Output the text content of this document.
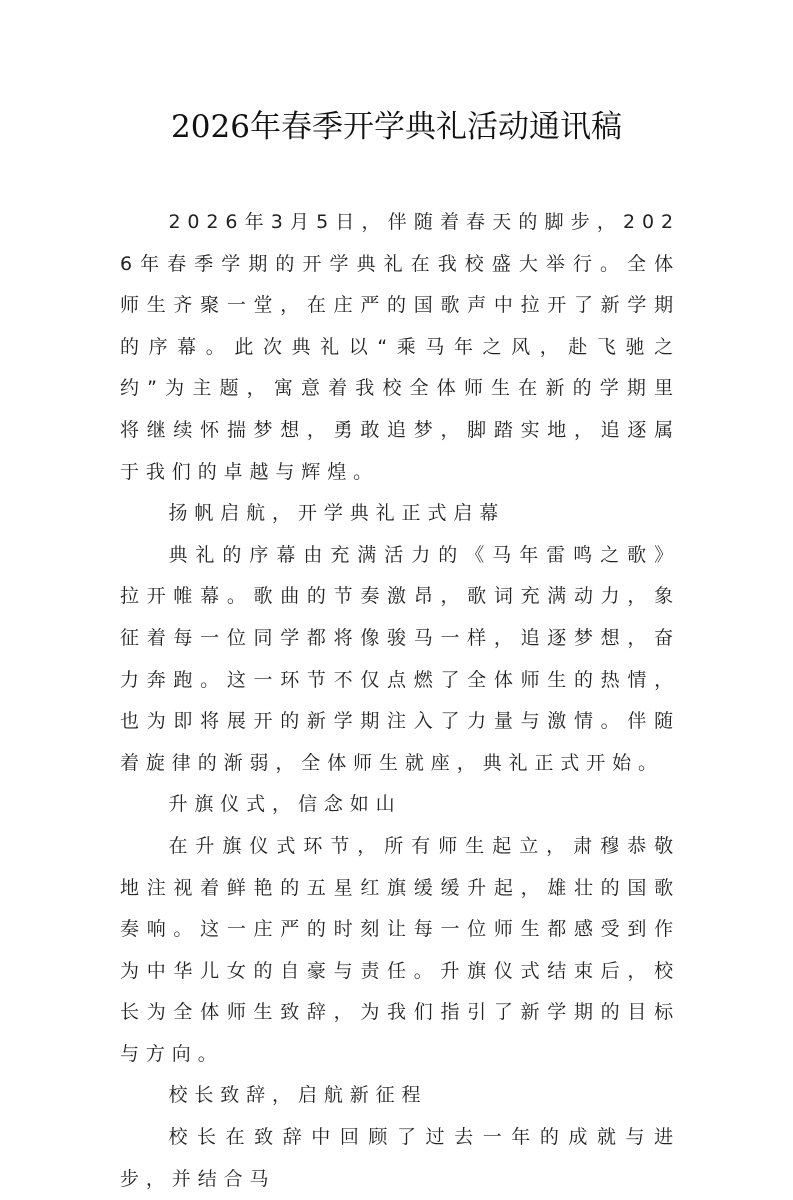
2026年春季开学典礼活动通讯稿

2026年3月5日，伴随着春天的脚步，2026年春季学期的开学典礼在我校盛大举行。全体师生齐聚一堂，在庄严的国歌声中拉开了新学期的序幕。此次典礼以“乘马年之风，赴飞驰之约”为主题，寓意着我校全体师生在新的学期里将继续怀揣梦想，勇敢追梦，脚踏实地，追逐属于我们的卓越与辉煌。

扬帆启航，开学典礼正式启幕

典礼的序幕由充满活力的《马年雷鸣之歌》拉开帷幕。歌曲的节奏激昂，歌词充满动力，象征着每一位同学都将像骏马一样，追逐梦想，奋力奔跑。这一环节不仅点燃了全体师生的热情，也为即将展开的新学期注入了力量与激情。伴随着旋律的渐弱，全体师生就座，典礼正式开始。

升旗仪式，信念如山

在升旗仪式环节，所有师生起立，肃穆恭敬地注视着鲜艳的五星红旗缓缓升起，雄壮的国歌奏响。这一庄严的时刻让每一位师生都感受到作为中华儿女的自豪与责任。升旗仪式结束后，校长为全体师生致辞，为我们指引了新学期的目标与方向。

校长致辞，启航新征程

校长在致辞中回顾了过去一年的成就与进步，并结合马
